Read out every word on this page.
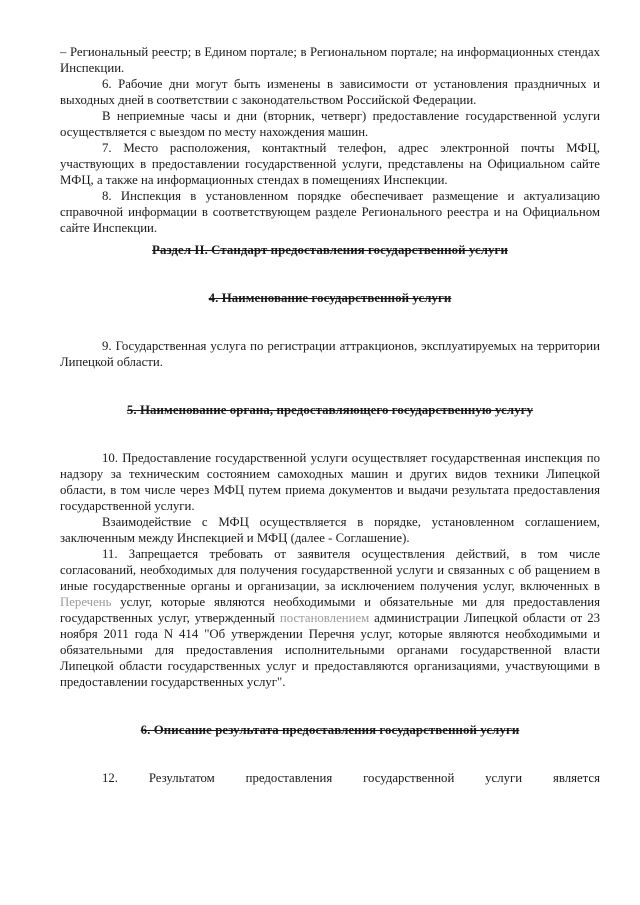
– Региональный реестр; в Едином портале; в Региональном портале; на информационных стендах Инспекции.

6. Рабочие дни могут быть изменены в зависимости от установления праздничных и выходных дней в соответствии с законодательством Российской Федерации.

В неприемные часы и дни (вторник, четверг) предоставление государственной услуги осуществляется с выездом по месту нахождения машин.

7. Место расположения, контактный телефон, адрес электронной почты МФЦ, участвующих в предоставлении государственной услуги, представлены на Официальном сайте МФЦ, а также на информационных стендах в помещениях Инспекции.

8. Инспекция в установленном порядке обеспечивает размещение и актуализацию справочной информации в соответствующем разделе Регионального реестра и на Официальном сайте Инспекции.

Раздел II. Стандарт предоставления государственной услуги

4. Наименование государственной услуги

9. Государственная услуга по регистрации аттракционов, эксплуатируемых на территории Липецкой области.

5. Наименование органа, предоставляющего государственную услугу

10. Предоставление государственной услуги осуществляет государственная инспекция по надзору за техническим состоянием самоходных машин и других видов техники Липецкой области, в том числе через МФЦ путем приема документов и выдачи результата предоставления государственной услуги.

Взаимодействие с МФЦ осуществляется в порядке, установленном соглашением, заключенным между Инспекцией и МФЦ (далее - Соглашение).

11. Запрещается требовать от заявителя осуществления действий, в том числе согласований, необходимых для получения государственной услуги и связанных с об ращением в иные государственные органы и организации, за исключением получения услуг, включенных в Перечень услуг, которые являются необходимыми и обязательные ми для предоставления государственных услуг, утвержденный постановлением администрации Липецкой области от 23 ноября 2011 года N 414 "Об утверждении Перечня услуг, которые являются необходимыми и обязательными для предоставления исполнительными органами государственной власти Липецкой области государственных услуг и предоставляются организациями, участвующими в предоставлении государственных услуг".

6. Описание результата предоставления государственной услуги

12. Результатом предоставления государственной услуги является
